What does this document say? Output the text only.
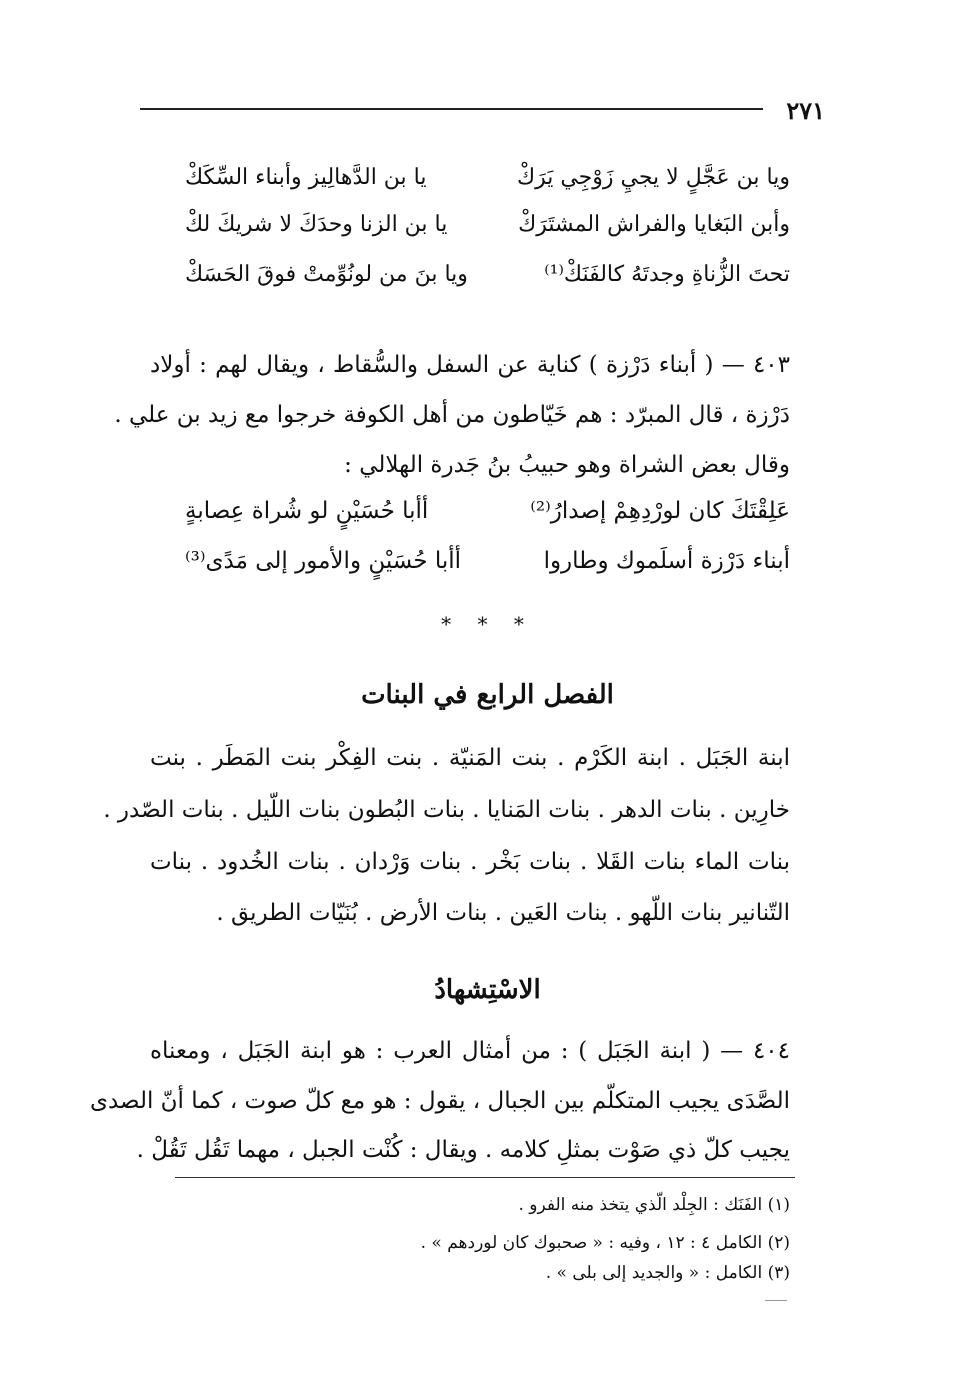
٢٧١
ويا بن عَجَّلٍ لا يجيِ زَوْجِي يَرَكْ
يا بن الدَّهالِيز وأبناء السِّكَكْ
وأبن البَغايا والفراش المشتَرَكْ
يا بن الزنا وحدَكَ لا شريكَ لكْ
تحتَ الزُّناةِ وجدتَهُ كالفَنَكْ⁽¹⁾
ويا بنَ من لونُوِّمتْ فوقَ الحَسَكْ
٤٠٣ — ( أبناء دَرْزة ) كناية عن السفل والسُّقاط ، ويقال لهم : أولاد
دَرْزة ، قال المبرّد : هم خَيّاطون من أهل الكوفة خرجوا مع زيد بن علي .
وقال بعض الشراة وهو حبيبُ بنُ جَدرة الهلالي :
عَلِقْتَكَ كان لورْدِهِمْ إصدارُ⁽²⁾
أأبا حُسَيْنٍ لو شُراة عِصابةٍ
أبناء دَرْزة أسلَموك وطاروا
أأبا حُسَيْنٍ والأمور إلى مَدًى⁽³⁾
* * *
الفصل الرابع في البنات
ابنة الجَبَل . ابنة الكَرْم . بنت المَنيّة . بنت الفِكْر بنت المَطَر . بنت
خارِين . بنات الدهر . بنات المَنايا . بنات البُطون بنات اللّيل . بنات الصّدر .
بنات الماء بنات القَلا . بنات بَخْر . بنات وَرْدان . بنات الخُدود . بنات
التّنانير بنات اللّهو . بنات العَين . بنات الأرض . بُنَيّات الطريق .
الاسْتِشهادُ
٤٠٤ — ( ابنة الجَبَل ) : من أمثال العرب : هو ابنة الجَبَل ، ومعناه
الصَّدَى يجيب المتكلّم بين الجبال ، يقول : هو مع كلّ صوت ، كما أنّ الصدى
يجيب كلّ ذي صَوْت بمثلِ كلامه . ويقال : كُنْت الجبل ، مهما تَقُل تَقُلْ .
(١) الفَنَك : الجِلْد الّذي يتخذ منه الفرو .
(٢) الكامل ٤ : ١٢ ، وفيه : « صحبوك كان لوردهم » .
(٣) الكامل : « والجديد إلى بلى » .
